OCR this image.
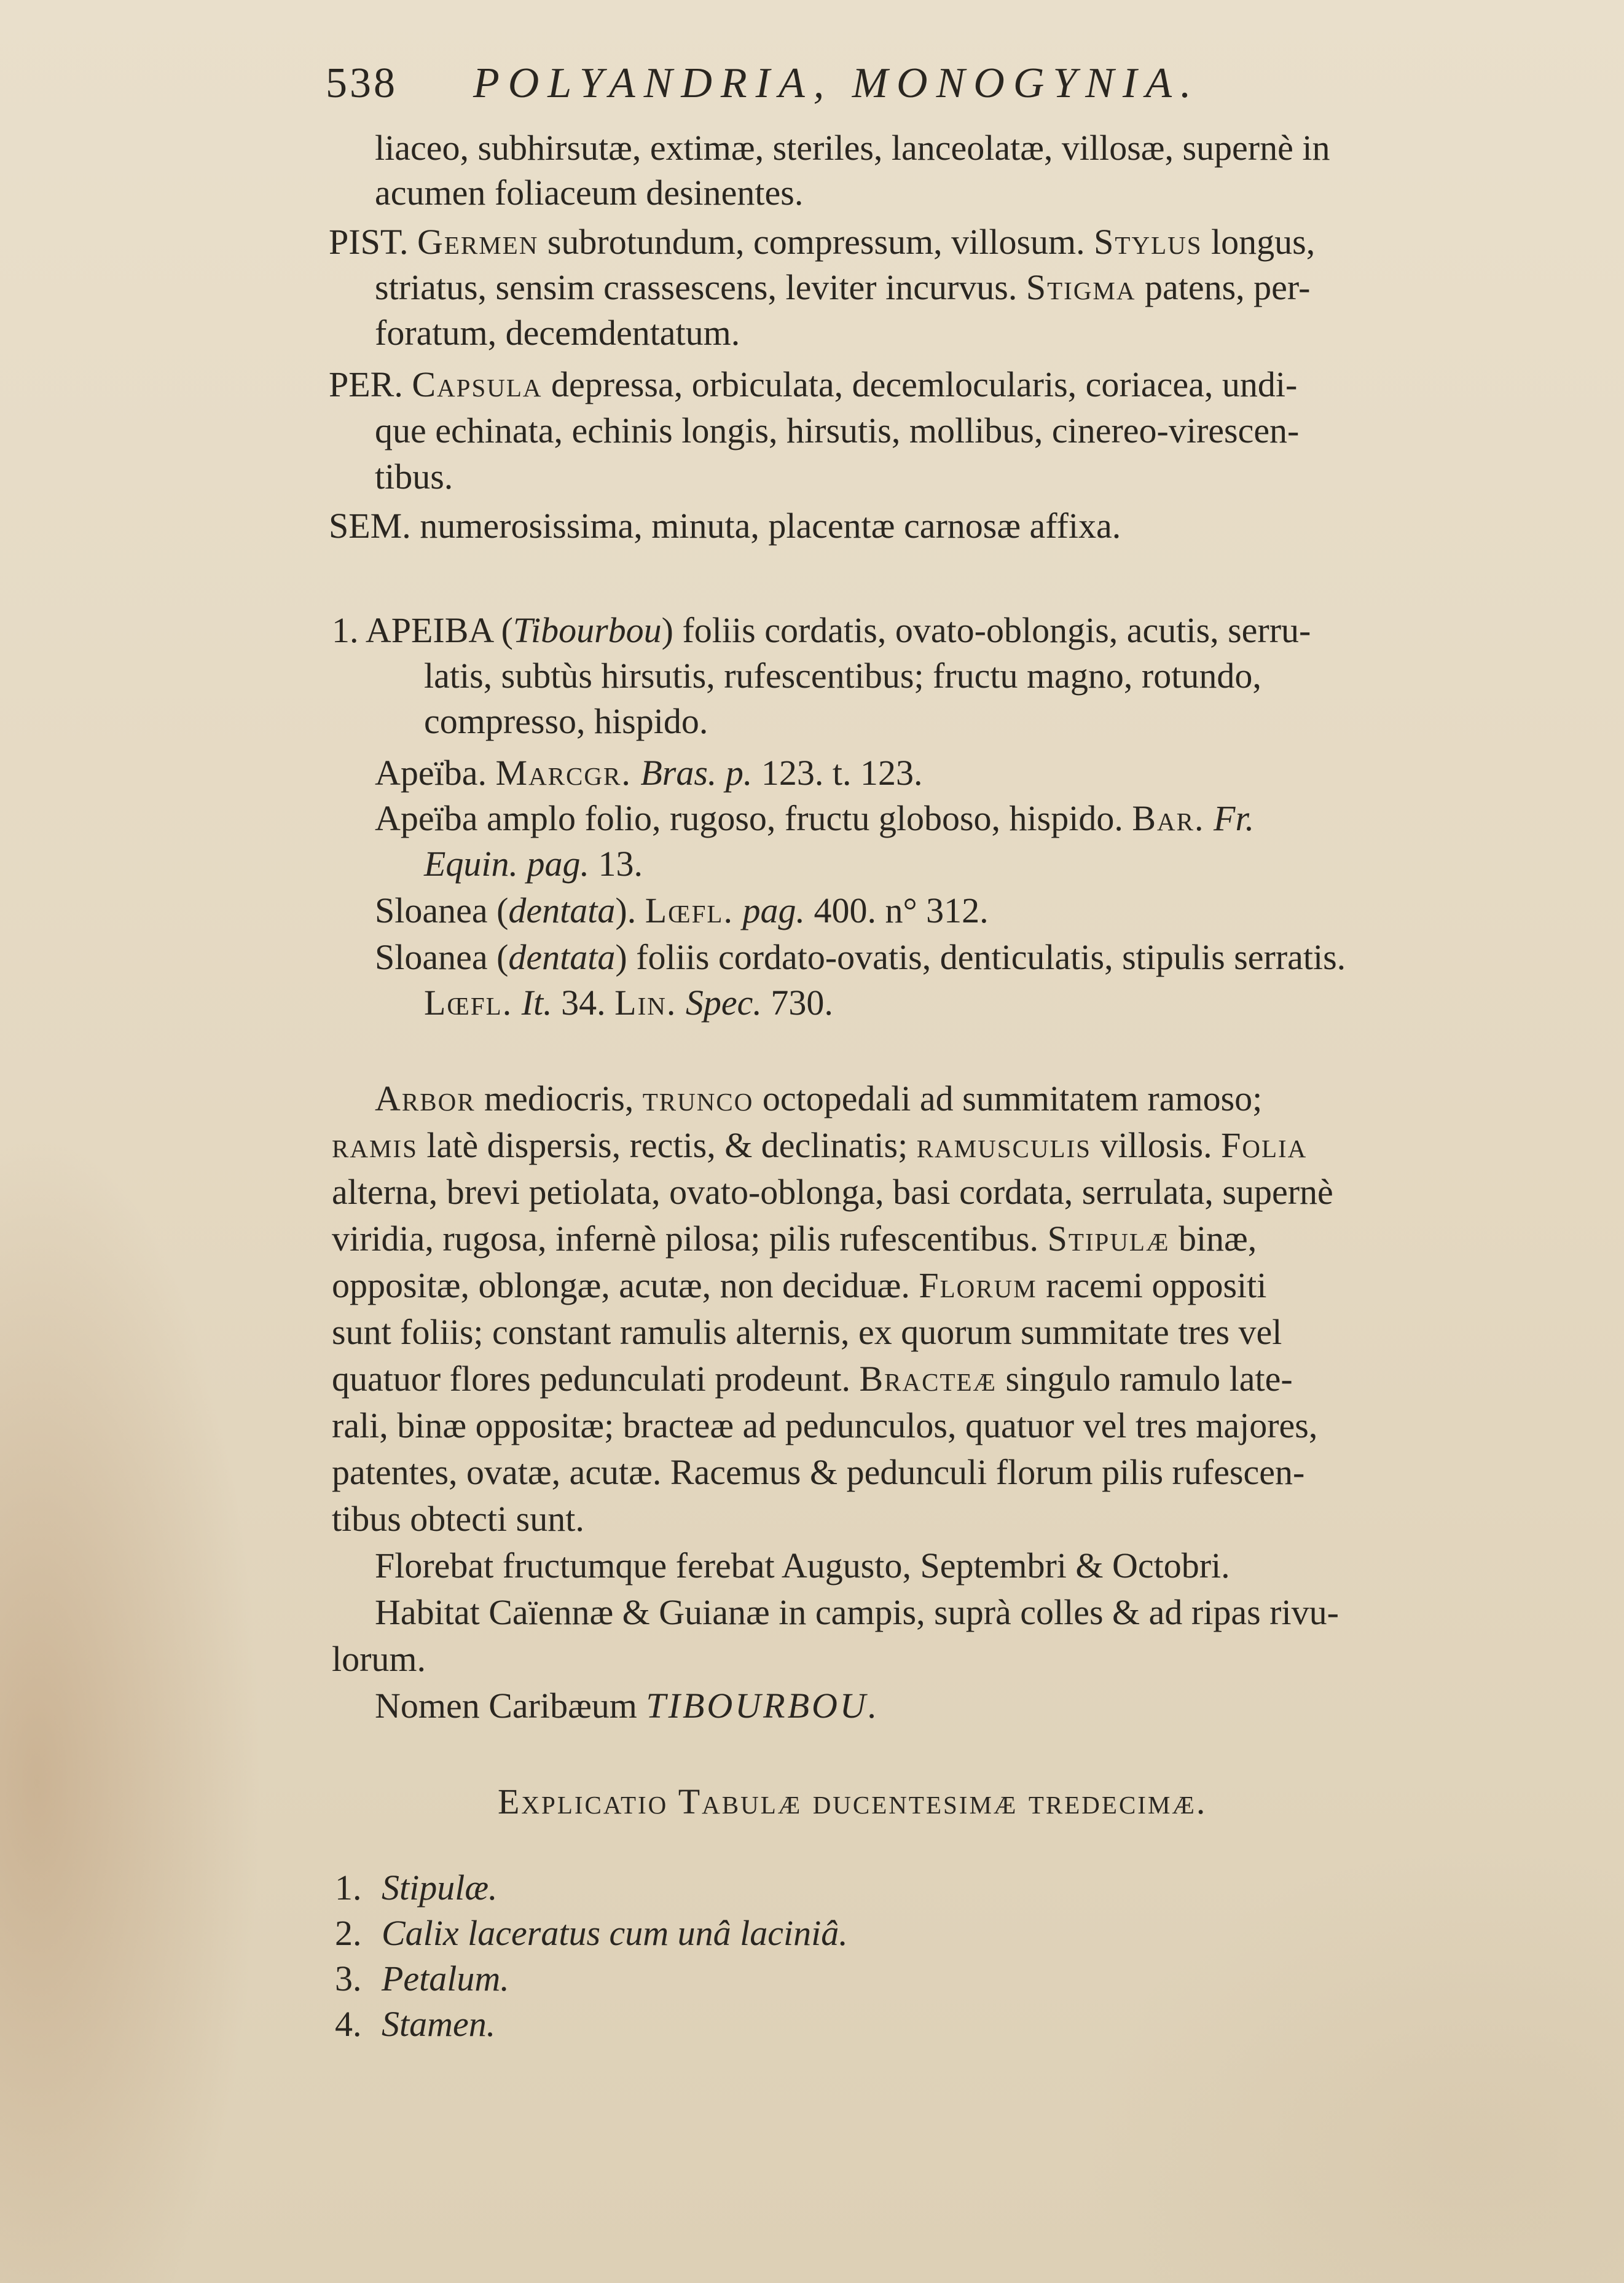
538 POLYANDRIA, MONOGYNIA.
liaceo, subhirsutæ, extimæ, steriles, lanceolatæ, villosæ, supernè in
acumen foliaceum desinentes.
PIST. Germen subrotundum, compressum, villosum. Stylus longus,
striatus, sensim crassescens, leviter incurvus. Stigma patens, per-
foratum, decemdentatum.
PER. Capsula depressa, orbiculata, decemlocularis, coriacea, undi-
que echinata, echinis longis, hirsutis, mollibus, cinereo-virescen-
tibus.
SEM. numerosissima, minuta, placentæ carnosæ affixa.
1. APEIBA (Tibourbou) foliis cordatis, ovato-oblongis, acutis, serru-
latis, subtùs hirsutis, rufescentibus; fructu magno, rotundo,
compresso, hispido.
Apeïba. Marcgr. Bras. p. 123. t. 123.
Apeïba amplo folio, rugoso, fructu globoso, hispido. Bar. Fr.
Equin. pag. 13.
Sloanea (dentata). Lœfl. pag. 400. n° 312.
Sloanea (dentata) foliis cordato-ovatis, denticulatis, stipulis serratis.
Lœfl. It. 34. Lin. Spec. 730.
Arbor mediocris, trunco octopedali ad summitatem ramoso;
ramis latè dispersis, rectis, & declinatis; ramusculis villosis. Folia
alterna, brevi petiolata, ovato-oblonga, basi cordata, serrulata, supernè
viridia, rugosa, infernè pilosa; pilis rufescentibus. Stipulæ binæ,
oppositæ, oblongæ, acutæ, non deciduæ. Florum racemi oppositi
sunt foliis; constant ramulis alternis, ex quorum summitate tres vel
quatuor flores pedunculati prodeunt. Bracteæ singulo ramulo late-
rali, binæ oppositæ; bracteæ ad pedunculos, quatuor vel tres majores,
patentes, ovatæ, acutæ. Racemus & pedunculi florum pilis rufescen-
tibus obtecti sunt.
Florebat fructumque ferebat Augusto, Septembri & Octobri.
Habitat Caïennæ & Guianæ in campis, suprà colles & ad ripas rivu-
lorum.
Nomen Caribæum TIBOURBOU.
Explicatio Tabulæ ducentesimæ tredecimæ.
1. Stipulæ.
2. Calix laceratus cum unâ laciniâ.
3. Petalum.
4. Stamen.
